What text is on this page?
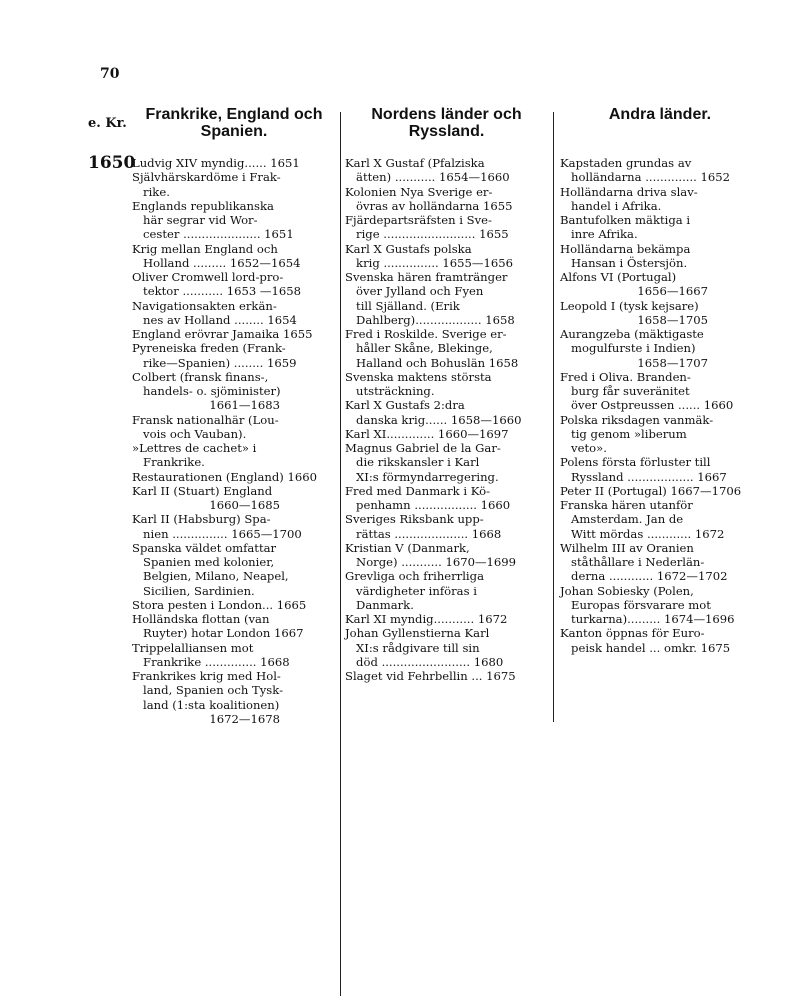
70
e. Kr.
1650
Frankrike, England och Spanien.
Ludvig XIV myndig...... 1651
Självhärskardöme i Frak-
rike.
Englands republikanska
här segrar vid Wor-
cester ..................... 1651
Krig mellan England och
Holland ......... 1652—1654
Oliver Cromwell lord-pro-
tektor ........... 1653 —1658
Navigationsakten erkän-
nes av Holland ........ 1654
England erövrar Jamaika 1655
Pyreneiska freden (Frank-
rike—Spanien) ........ 1659
Colbert (fransk finans-,
handels- o. sjöminister)
1661—1683
Fransk nationalhär (Lou-
vois och Vauban).
»Lettres de cachet» i
Frankrike.
Restaurationen (England) 1660
Karl II (Stuart) England
1660—1685
Karl II (Habsburg) Spa-
nien ............... 1665—1700
Spanska väldet omfattar
Spanien med kolonier,
Belgien, Milano, Neapel,
Sicilien, Sardinien.
Stora pesten i London... 1665
Holländska flottan (van
Ruyter) hotar London 1667
Trippelalliansen mot
Frankrike .............. 1668
Frankrikes krig med Hol-
land, Spanien och Tysk-
land (1:sta koalitionen)
1672—1678
Nordens länder och Ryssland.
Karl X Gustaf (Pfalziska
ätten) ........... 1654—1660
Kolonien Nya Sverige er-
övras av holländarna 1655
Fjärdepartsräfsten i Sve-
rige ......................... 1655
Karl X Gustafs polska
krig ............... 1655—1656
Svenska hären framtränger
över Jylland och Fyen
till Själland. (Erik
Dahlberg).................. 1658
Fred i Roskilde. Sverige er-
håller Skåne, Blekinge,
Halland och Bohuslän 1658
Svenska maktens största
utsträckning.
Karl X Gustafs 2:dra
danska krig...... 1658—1660
Karl XI............. 1660—1697
Magnus Gabriel de la Gar-
die rikskansler i Karl
XI:s förmyndarregering.
Fred med Danmark i Kö-
penhamn ................. 1660
Sveriges Riksbank upp-
rättas .................... 1668
Kristian V (Danmark,
Norge) ........... 1670—1699
Grevliga och friherrliga
värdigheter införas i
Danmark.
Karl XI myndig........... 1672
Johan Gyllenstierna Karl
XI:s rådgivare till sin
död ........................ 1680
Slaget vid Fehrbellin ... 1675
Andra länder.
Kapstaden grundas av
holländarna .............. 1652
Holländarna driva slav-
handel i Afrika.
Bantufolken mäktiga i
inre Afrika.
Holländarna bekämpa
Hansan i Östersjön.
Alfons VI (Portugal)
1656—1667
Leopold I (tysk kejsare)
1658—1705
Aurangzeba (mäktigaste
mogulfurste i Indien)
1658—1707
Fred i Oliva. Branden-
burg får suveränitet
över Ostpreussen ...... 1660
Polska riksdagen vanmäk-
tig genom »liberum
veto».
Polens första förluster till
Ryssland .................. 1667
Peter II (Portugal) 1667—1706
Franska hären utanför
Amsterdam. Jan de
Witt mördas ............ 1672
Wilhelm III av Oranien
ståthållare i Nederlän-
derna ............ 1672—1702
Johan Sobiesky (Polen,
Europas försvarare mot
turkarna)......... 1674—1696
Kanton öppnas för Euro-
peisk handel ... omkr. 1675
